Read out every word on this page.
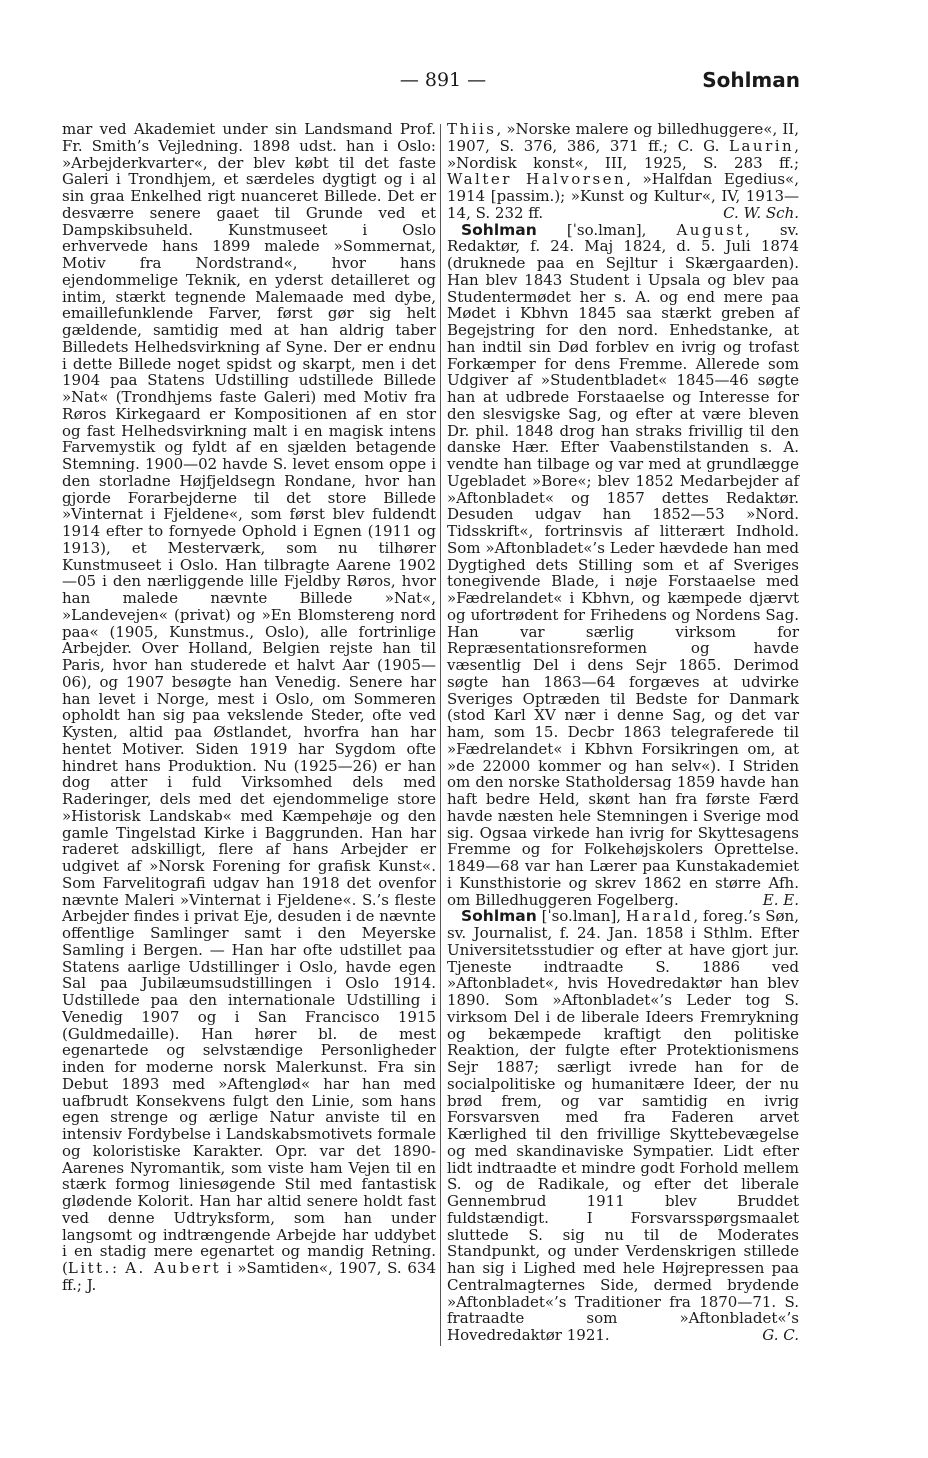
— 891 —	Sohlman

mar ved Akademiet under sin Landsmand Prof. Fr. Smith’s Vejledning. 1898 udst. han i Oslo: »Arbejderkvarter«, der blev købt til det faste Galeri i Trondhjem, et særdeles dygtigt og i al sin graa Enkelhed rigt nuanceret Billede. Det er desværre senere gaaet til Grunde ved et Dampskibsuheld. Kunstmuseet i Oslo erhvervede hans 1899 malede »Sommernat, Motiv fra Nordstrand«, hvor hans ejendommelige Teknik, en yderst detailleret og intim, stærkt tegnende Malemaade med dybe, emaillefunklende Farver, først gør sig helt gældende, samtidig med at han aldrig taber Billedets Helhedsvirkning af Syne. Der er endnu i dette Billede noget spidst og skarpt, men i det 1904 paa Statens Udstilling udstillede Billede »Nat« (Trondhjems faste Galeri) med Motiv fra Røros Kirkegaard er Kompositionen af en stor og fast Helhedsvirkning malt i en magisk intens Farvemystik og fyldt af en sjælden betagende Stemning. 1900—02 havde S. levet ensom oppe i den storladne Højfjeldsegn Rondane, hvor han gjorde Forarbejderne til det store Billede »Vinternat i Fjeldene«, som først blev fuldendt 1914 efter to fornyede Ophold i Egnen (1911 og 1913), et Mesterværk, som nu tilhører Kunstmuseet i Oslo. Han tilbragte Aarene 1902—05 i den nærliggende lille Fjeldby Røros, hvor han malede nævnte Billede »Nat«, »Landevejen« (privat) og »En Blomstereng nord paa« (1905, Kunstmus., Oslo), alle fortrinlige Arbejder. Over Holland, Belgien rejste han til Paris, hvor han studerede et halvt Aar (1905—06), og 1907 besøgte han Venedig. Senere har han levet i Norge, mest i Oslo, om Sommeren opholdt han sig paa vekslende Steder, ofte ved Kysten, altid paa Østlandet, hvorfra han har hentet Motiver. Siden 1919 har Sygdom ofte hindret hans Produktion. Nu (1925—26) er han dog atter i fuld Virksomhed dels med Raderinger, dels med det ejendommelige store »Historisk Landskab« med Kæmpehøje og den gamle Tingelstad Kirke i Baggrunden. Han har raderet adskilligt, flere af hans Arbejder er udgivet af »Norsk Forening for grafisk Kunst«. Som Farvelitografi udgav han 1918 det ovenfor nævnte Maleri »Vinternat i Fjeldene«. S.’s fleste Arbejder findes i privat Eje, desuden i de nævnte offentlige Samlinger samt i den Meyerske Samling i Bergen. — Han har ofte udstillet paa Statens aarlige Udstillinger i Oslo, havde egen Sal paa Jubilæumsudstillingen i Oslo 1914. Udstillede paa den internationale Udstilling i Venedig 1907 og i San Francisco 1915 (Guldmedaille). Han hører bl. de mest egenartede og selvstændige Personligheder inden for moderne norsk Malerkunst. Fra sin Debut 1893 med »Aftenglød« har han med uafbrudt Konsekvens fulgt den Linie, som hans egen strenge og ærlige Natur anviste til en intensiv Fordybelse i Landskabsmotivets formale og koloristiske Karakter. Opr. var det 1890-Aarenes Nyromantik, som viste ham Vejen til en stærk formog liniesøgende Stil med fantastisk glødende Kolorit. Han har altid senere holdt fast ved denne Udtryksform, som han under langsomt og indtrængende Arbejde har uddybet i en stadig mere egenartet og mandig Retning. (Litt.: A. Aubert i »Samtiden«, 1907, S. 634 ff.; J.

Thiis, »Norske malere og billedhuggere«, II, 1907, S. 376, 386, 371 ff.; C. G. Laurin, »Nordisk konst«, III, 1925, S. 283 ff.; Walter Halvorsen, »Halfdan Egedius«, 1914 [passim.); »Kunst og Kultur«, IV, 1913—14, S. 232 ff.	C. W. Sch.

Sohlman [ˈso.lman], August, sv. Redaktør, f. 24. Maj 1824, d. 5. Juli 1874 (druknede paa en Sejltur i Skærgaarden). Han blev 1843 Student i Upsala og blev paa Studentermødet her s. A. og end mere paa Mødet i Kbhvn 1845 saa stærkt greben af Begejstring for den nord. Enhedstanke, at han indtil sin Død forblev en ivrig og trofast Forkæmper for dens Fremme. Allerede som Udgiver af »Studentbladet« 1845—46 søgte han at udbrede Forstaaelse og Interesse for den slesvigske Sag, og efter at være bleven Dr. phil. 1848 drog han straks frivillig til den danske Hær. Efter Vaabenstilstanden s. A. vendte han tilbage og var med at grundlægge Ugebladet »Bore«; blev 1852 Medarbejder af »Aftonbladet« og 1857 dettes Redaktør. Desuden udgav han 1852—53 »Nord. Tidsskrift«, fortrinsvis af litterært Indhold. Som »Aftonbladet«’s Leder hævdede han med Dygtighed dets Stilling som et af Sveriges tonegivende Blade, i nøje Forstaaelse med »Fædrelandet« i Kbhvn, og kæmpede djærvt og ufortrødent for Frihedens og Nordens Sag. Han var særlig virksom for Repræsentationsreformen og havde væsentlig Del i dens Sejr 1865. Derimod søgte han 1863—64 forgæves at udvirke Sveriges Optræden til Bedste for Danmark (stod Karl XV nær i denne Sag, og det var ham, som 15. Decbr 1863 telegraferede til »Fædrelandet« i Kbhvn Forsikringen om, at »de 22000 kommer og han selv«). I Striden om den norske Statholdersag 1859 havde han haft bedre Held, skønt han fra første Færd havde næsten hele Stemningen i Sverige mod sig. Ogsaa virkede han ivrig for Skyttesagens Fremme og for Folkehøjskolers Oprettelse. 1849—68 var han Lærer paa Kunstakademiet i Kunsthistorie og skrev 1862 en større Afh. om Billedhuggeren Fogelberg.	E. E.

Sohlman [ˈso.lman], Harald, foreg.’s Søn, sv. Journalist, f. 24. Jan. 1858 i Sthlm. Efter Universitetsstudier og efter at have gjort jur. Tjeneste indtraadte S. 1886 ved »Aftonbladet«, hvis Hovedredaktør han blev 1890. Som »Aftonbladet«’s Leder tog S. virksom Del i de liberale Ideers Fremrykning og bekæmpede kraftigt den politiske Reaktion, der fulgte efter Protektionismens Sejr 1887; særligt ivrede han for de socialpolitiske og humanitære Ideer, der nu brød frem, og var samtidig en ivrig Forsvarsven med fra Faderen arvet Kærlighed til den frivillige Skyttebevægelse og med skandinaviske Sympatier. Lidt efter lidt indtraadte et mindre godt Forhold mellem S. og de Radikale, og efter det liberale Gennembrud 1911 blev Bruddet fuldstændigt. I Forsvarsspørgsmaalet sluttede S. sig nu til de Moderates Standpunkt, og under Verdenskrigen stillede han sig i Lighed med hele Højrepressen paa Centralmagternes Side, dermed brydende »Aftonbladet«’s Traditioner fra 1870—71. S. fratraadte som »Aftonbladet«’s Hovedredaktør 1921.	G. C.
